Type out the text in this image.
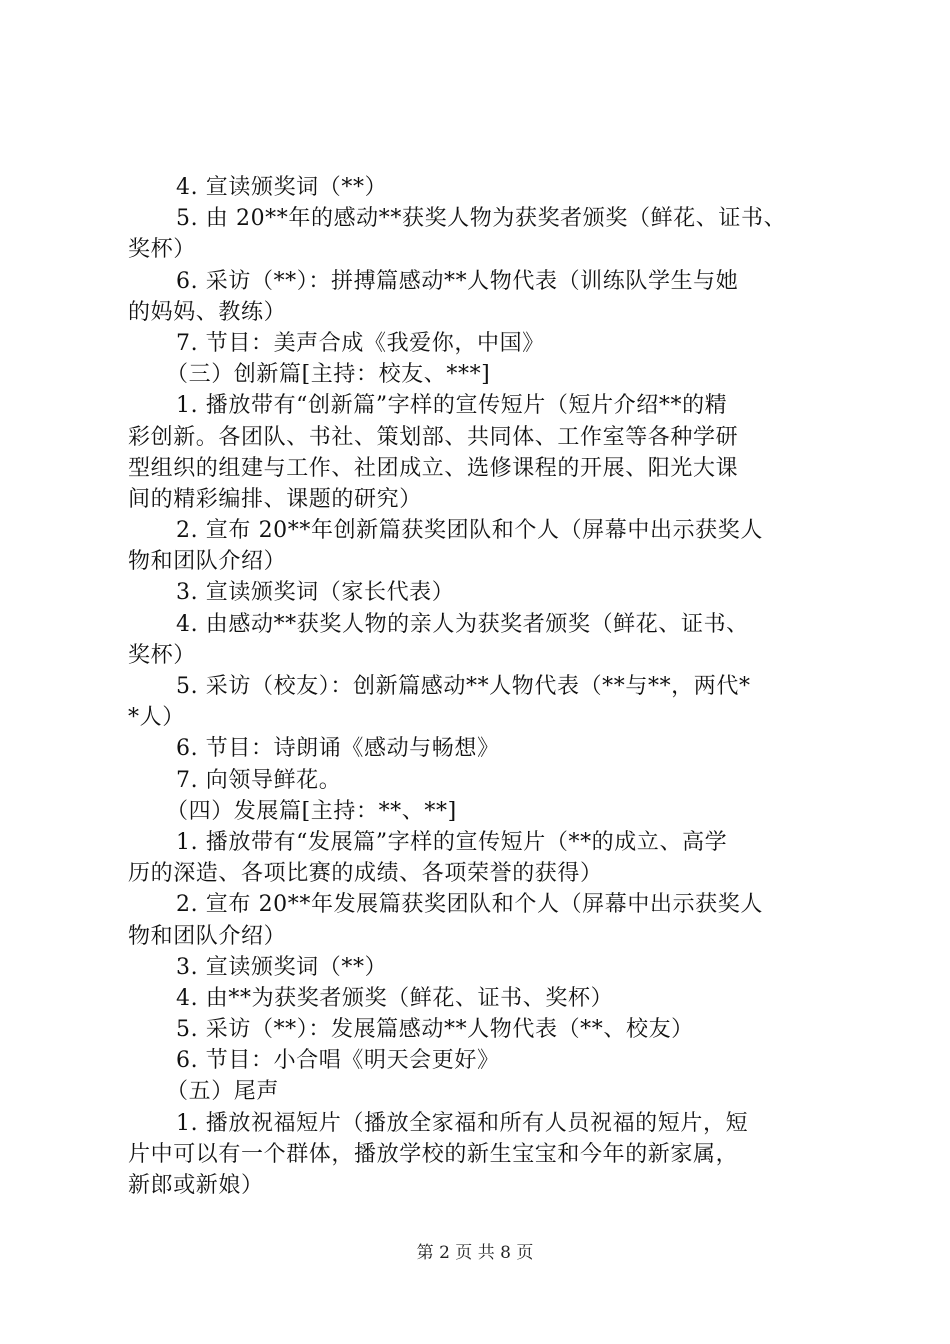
4. 宣读颁奖词（**）
5. 由 20**年的感动**获奖人物为获奖者颁奖（鲜花、证书、
奖杯）
6. 采访（**）：拼搏篇感动**人物代表（训练队学生与她
的妈妈、教练）
7. 节目：美声合成《我爱你，中国》
（三）创新篇[主持：校友、***]
1. 播放带有“创新篇”字样的宣传短片（短片介绍**的精
彩创新。各团队、书社、策划部、共同体、工作室等各种学研
型组织的组建与工作、社团成立、选修课程的开展、阳光大课
间的精彩编排、课题的研究）
2. 宣布 20**年创新篇获奖团队和个人（屏幕中出示获奖人
物和团队介绍）
3. 宣读颁奖词（家长代表）
4. 由感动**获奖人物的亲人为获奖者颁奖（鲜花、证书、
奖杯）
5. 采访（校友）：创新篇感动**人物代表（**与**，两代*
*人）
6. 节目：诗朗诵《感动与畅想》
7. 向领导鲜花。
（四）发展篇[主持：**、**]
1. 播放带有“发展篇”字样的宣传短片（**的成立、高学
历的深造、各项比赛的成绩、各项荣誉的获得）
2. 宣布 20**年发展篇获奖团队和个人（屏幕中出示获奖人
物和团队介绍）
3. 宣读颁奖词（**）
4. 由**为获奖者颁奖（鲜花、证书、奖杯）
5. 采访（**）：发展篇感动**人物代表（**、校友）
6. 节目：小合唱《明天会更好》
（五）尾声
1. 播放祝福短片（播放全家福和所有人员祝福的短片，短
片中可以有一个群体，播放学校的新生宝宝和今年的新家属，
新郎或新娘）
第 2 页 共 8 页
